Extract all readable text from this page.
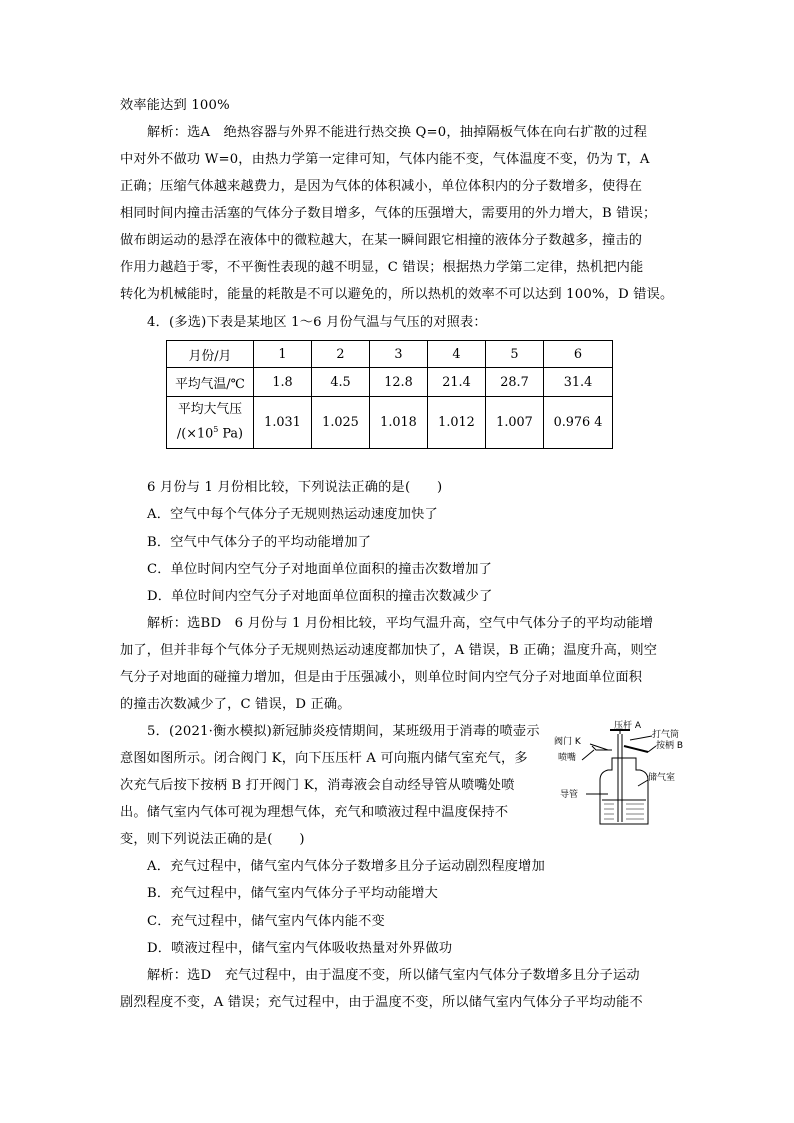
效率能达到 100%
解析：选A　绝热容器与外界不能进行热交换 Q=0，抽掉隔板气体在向右扩散的过程
中对外不做功 W=0，由热力学第一定律可知，气体内能不变，气体温度不变，仍为 T，A
正确；压缩气体越来越费力，是因为气体的体积减小，单位体积内的分子数增多，使得在
相同时间内撞击活塞的气体分子数目增多，气体的压强增大，需要用的外力增大，B 错误；
做布朗运动的悬浮在液体中的微粒越大，在某一瞬间跟它相撞的液体分子数越多，撞击的
作用力越趋于零，不平衡性表现的越不明显，C 错误；根据热力学第二定律，热机把内能
转化为机械能时，能量的耗散是不可以避免的，所以热机的效率不可以达到 100%，D 错误。
4．(多选)下表是某地区 1～6 月份气温与气压的对照表：
月份/月	1	2	3	4	5	6
平均气温/℃	1.8	4.5	12.8	21.4	28.7	31.4

平均大气压
$/(\times 10^5$ Pa)	1.031	1.025	1.018	1.012	1.007	0.976 4
6 月份与 1 月份相比较，下列说法正确的是(　　)
A．空气中每个气体分子无规则热运动速度加快了
B．空气中气体分子的平均动能增加了
C．单位时间内空气分子对地面单位面积的撞击次数增加了
D．单位时间内空气分子对地面单位面积的撞击次数减少了
解析：选BD　6 月份与 1 月份相比较，平均气温升高，空气中气体分子的平均动能增
加了，但并非每个气体分子无规则热运动速度都加快了，A 错误，B 正确；温度升高，则空
气分子对地面的碰撞力增加，但是由于压强减小，则单位时间内空气分子对地面单位面积
的撞击次数减少了，C 错误，D 正确。
5．(2021·衡水模拟)新冠肺炎疫情期间，某班级用于消毒的喷壶示
意图如图所示。闭合阀门 K，向下压压杆 A 可向瓶内储气室充气，多
次充气后按下按柄 B 打开阀门 K，消毒液会自动经导管从喷嘴处喷
出。储气室内气体可视为理想气体，充气和喷液过程中温度保持不
变，则下列说法正确的是(　　)
压杆 A
打气筒
阀门 K	按柄 B
喷嘴
储气室
导管
A．充气过程中，储气室内气体分子数增多且分子运动剧烈程度增加
B．充气过程中，储气室内气体分子平均动能增大
C．充气过程中，储气室内气体内能不变
D．喷液过程中，储气室内气体吸收热量对外界做功
解析：选D　充气过程中，由于温度不变，所以储气室内气体分子数增多且分子运动
剧烈程度不变，A 错误；充气过程中，由于温度不变，所以储气室内气体分子平均动能不
